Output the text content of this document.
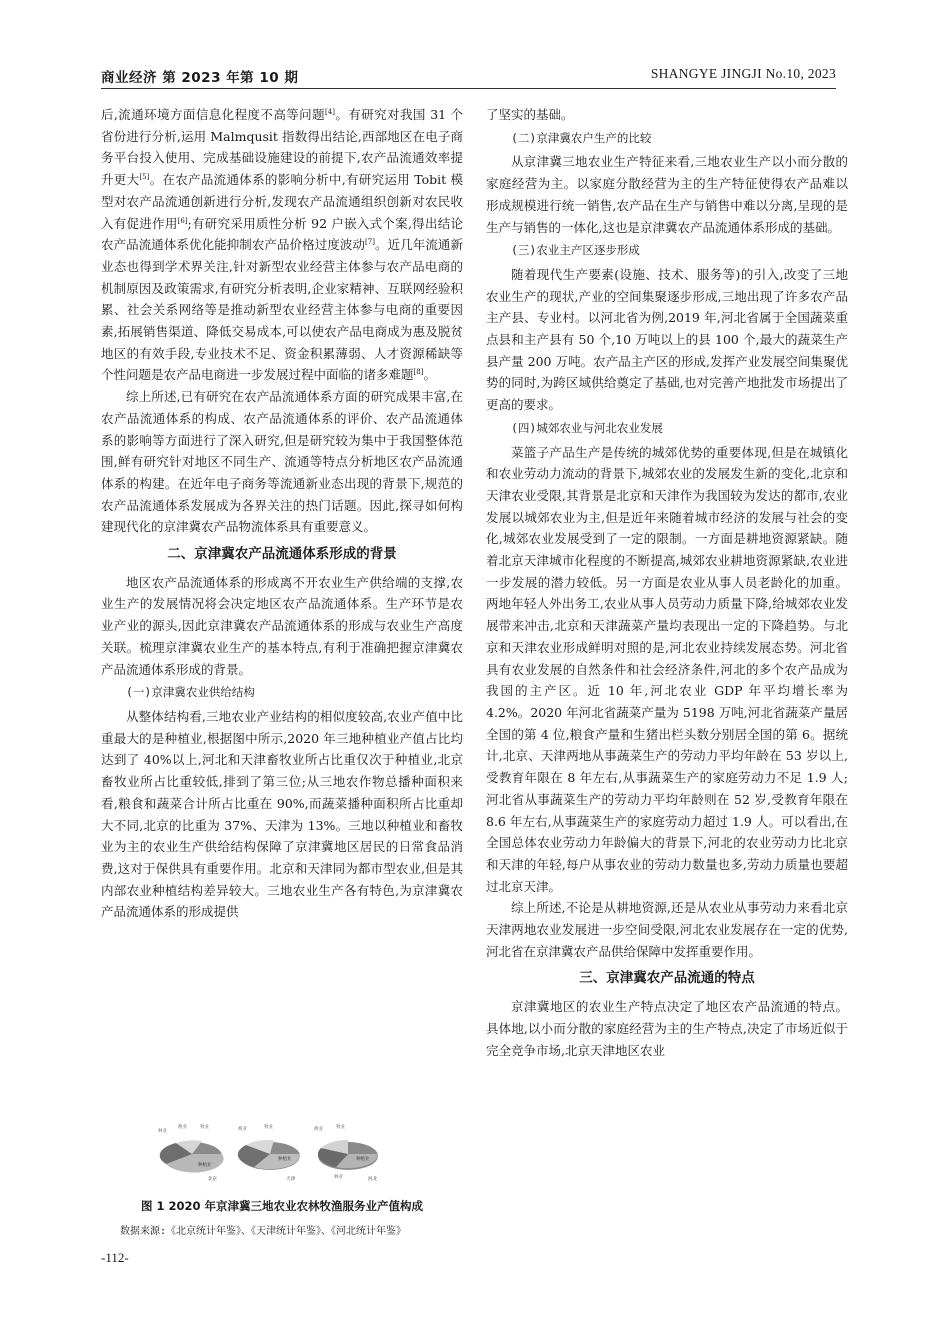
商业经济 第 2023 年第 10 期	SHANGYE JINGJI No.10, 2023

后,流通环境方面信息化程度不高等问题[4]。有研究对我国 31 个省份进行分析,运用 Malmqusit 指数得出结论,西部地区在电子商务平台投入使用、完成基础设施建设的前提下,农产品流通效率提升更大[5]。在农产品流通体系的影响分析中,有研究运用 Tobit 模型对农产品流通创新进行分析,发现农产品流通组织创新对农民收入有促进作用[6];有研究采用质性分析 92 户嵌入式个案,得出结论农产品流通体系优化能抑制农产品价格过度波动[7]。近几年流通新业态也得到学术界关注,针对新型农业经营主体参与农产品电商的机制原因及政策需求,有研究分析表明,企业家精神、互联网经验积累、社会关系网络等是推动新型农业经营主体参与电商的重要因素,拓展销售渠道、降低交易成本,可以使农产品电商成为惠及脱贫地区的有效手段,专业技术不足、资金积累薄弱、人才资源稀缺等个性问题是农产品电商进一步发展过程中面临的诸多难题[8]。

综上所述,已有研究在农产品流通体系方面的研究成果丰富,在农产品流通体系的构成、农产品流通体系的评价、农产品流通体系的影响等方面进行了深入研究,但是研究较为集中于我国整体范围,鲜有研究针对地区不同生产、流通等特点分析地区农产品流通体系的构建。在近年电子商务等流通新业态出现的背景下,规范的农产品流通体系发展成为各界关注的热门话题。因此,探寻如何构建现代化的京津冀农产品物流体系具有重要意义。

二、京津冀农产品流通体系形成的背景

地区农产品流通体系的形成离不开农业生产供给端的支撑,农业生产的发展情况将会决定地区农产品流通体系。生产环节是农业产业的源头,因此京津冀农产品流通体系的形成与农业生产高度关联。梳理京津冀农业生产的基本特点,有利于准确把握京津冀农产品流通体系形成的背景。

(一)京津冀农业供给结构

从整体结构看,三地农业产业结构的相似度较高,农业产值中比重最大的是种植业,根据图中所示,2020 年三地种植业产值占比均达到了 40%以上,河北和天津畜牧业所占比重仅次于种植业,北京畜牧业所占比重较低,排到了第三位;从三地农作物总播种面积来看,粮食和蔬菜合计所占比重在 90%,而蔬菜播种面积所占比重却大不同,北京的比重为 37%、天津为 13%。三地以种植业和畜牧业为主的农业生产供给结构保障了京津冀地区居民的日常食品消费,这对于保供具有重要作用。北京和天津同为都市型农业,但是其内部农业种植结构差异较大。三地农业生产各有特色,为京津冀农产品流通体系的形成提供

林业
渔业	牧业
种植业
北京
渔业	牧业
种植业
天津
渔业	牧业
种植业
林业	河北
图 1 2020 年京津冀三地农业农林牧渔服务业产值构成
数据来源:《北京统计年鉴》、《天津统计年鉴》、《河北统计年鉴》
-112-

了坚实的基础。

(二)京津冀农户生产的比较

从京津冀三地农业生产特征来看,三地农业生产以小而分散的家庭经营为主。以家庭分散经营为主的生产特征使得农产品难以形成规模进行统一销售,农产品在生产与销售中难以分离,呈现的是生产与销售的一体化,这也是京津冀农产品流通体系形成的基础。

(三)农业主产区逐步形成

随着现代生产要素(设施、技术、服务等)的引入,改变了三地农业生产的现状,产业的空间集聚逐步形成,三地出现了许多农产品主产县、专业村。以河北省为例,2019 年,河北省属于全国蔬菜重点县和主产县有 50 个,10 万吨以上的县 100 个,最大的蔬菜生产县产量 200 万吨。农产品主产区的形成,发挥产业发展空间集聚优势的同时,为跨区域供给奠定了基础,也对完善产地批发市场提出了更高的要求。

(四)城郊农业与河北农业发展

菜篮子产品生产是传统的城郊优势的重要体现,但是在城镇化和农业劳动力流动的背景下,城郊农业的发展发生新的变化,北京和天津农业受限,其背景是北京和天津作为我国较为发达的都市,农业发展以城郊农业为主,但是近年来随着城市经济的发展与社会的变化,城郊农业发展受到了一定的限制。一方面是耕地资源紧缺。随着北京天津城市化程度的不断提高,城郊农业耕地资源紧缺,农业进一步发展的潜力较低。另一方面是农业从事人员老龄化的加重。两地年轻人外出务工,农业从事人员劳动力质量下降,给城郊农业发展带来冲击,北京和天津蔬菜产量均表现出一定的下降趋势。与北京和天津农业形成鲜明对照的是,河北农业持续发展态势。河北省具有农业发展的自然条件和社会经济条件,河北的多个农产品成为我国的主产区。近 10 年,河北农业 GDP 年平均增长率为 4.2%。2020 年河北省蔬菜产量为 5198 万吨,河北省蔬菜产量居全国的第 4 位,粮食产量和生猪出栏头数分别居全国的第 6。据统计,北京、天津两地从事蔬菜生产的劳动力平均年龄在 53 岁以上,受教育年限在 8 年左右,从事蔬菜生产的家庭劳动力不足 1.9 人;河北省从事蔬菜生产的劳动力平均年龄则在 52 岁,受教育年限在 8.6 年左右,从事蔬菜生产的家庭劳动力超过 1.9 人。可以看出,在全国总体农业劳动力年龄偏大的背景下,河北的农业劳动力比北京和天津的年轻,每户从事农业的劳动力数量也多,劳动力质量也要超过北京天津。

综上所述,不论是从耕地资源,还是从农业从事劳动力来看北京天津两地农业发展进一步空间受限,河北农业发展存在一定的优势,河北省在京津冀农产品供给保障中发挥重要作用。

三、京津冀农产品流通的特点

京津冀地区的农业生产特点决定了地区农产品流通的特点。具体地,以小而分散的家庭经营为主的生产特点,决定了市场近似于完全竞争市场,北京天津地区农业
